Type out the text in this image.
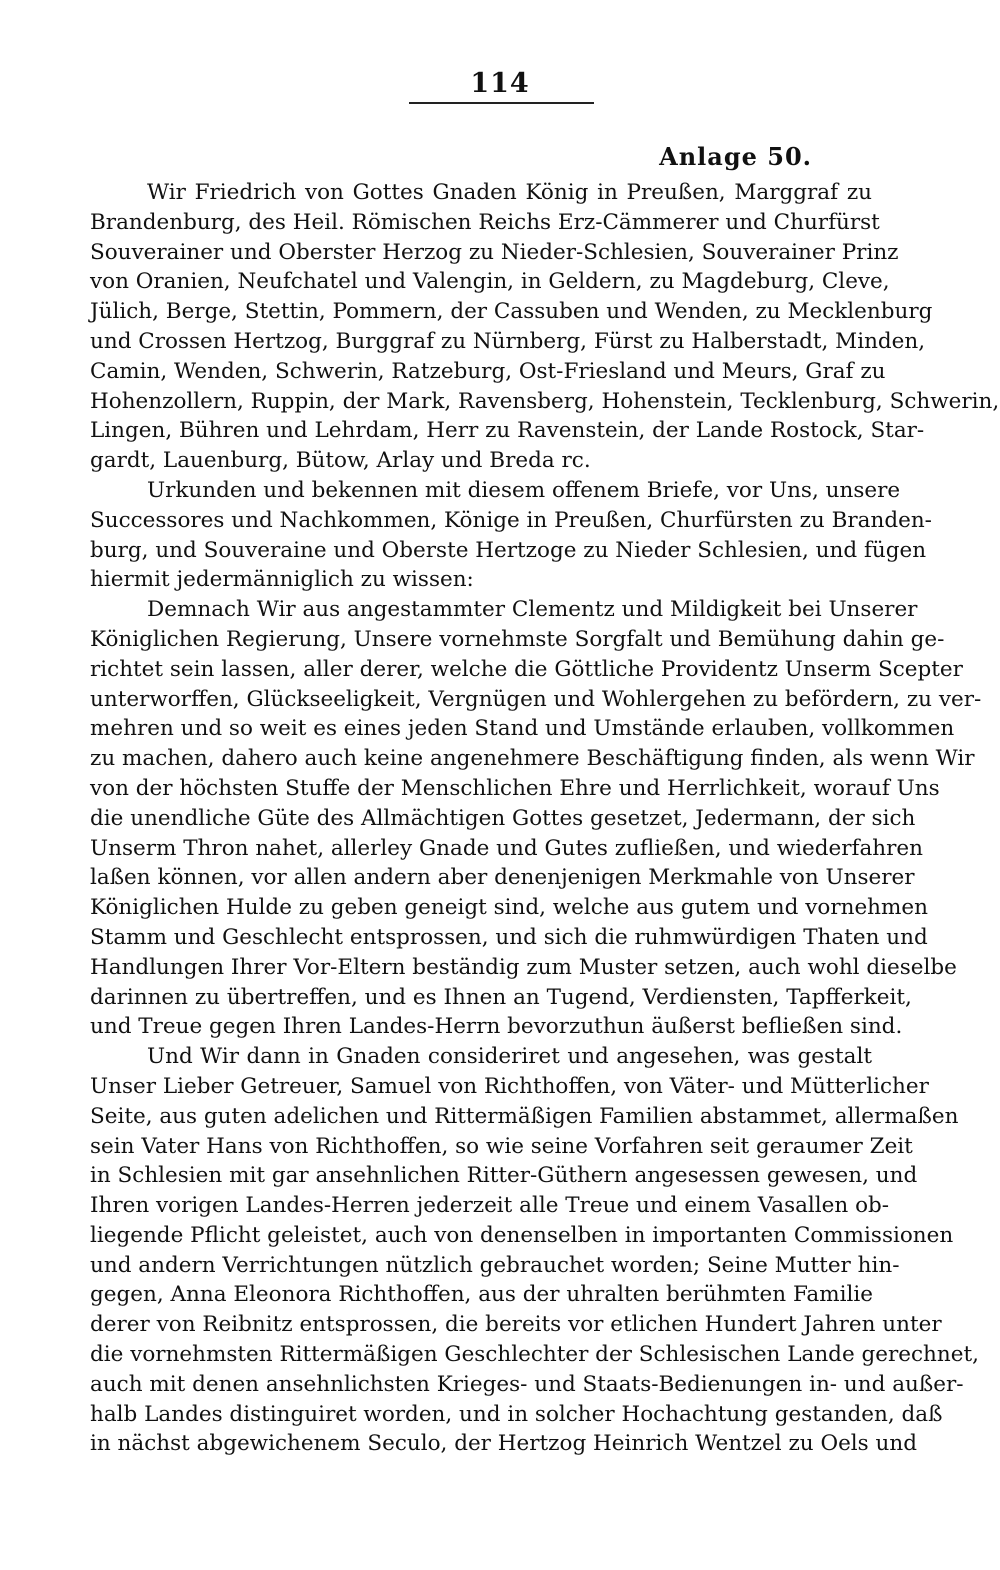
114
Anlage 50.
Wir Friedrich von Gottes Gnaden König in Preußen, Marggraf zu
Brandenburg, des Heil. Römischen Reichs Erz-Cämmerer und Churfürst
Souverainer und Oberster Herzog zu Nieder-Schlesien, Souverainer Prinz
von Oranien, Neufchatel und Valengin, in Geldern, zu Magdeburg, Cleve,
Jülich, Berge, Stettin, Pommern, der Cassuben und Wenden, zu Mecklenburg
und Crossen Hertzog, Burggraf zu Nürnberg, Fürst zu Halberstadt, Minden,
Camin, Wenden, Schwerin, Ratzeburg, Ost-Friesland und Meurs, Graf zu
Hohenzollern, Ruppin, der Mark, Ravensberg, Hohenstein, Tecklenburg, Schwerin,
Lingen, Bühren und Lehrdam, Herr zu Ravenstein, der Lande Rostock, Star-
gardt, Lauenburg, Bütow, Arlay und Breda rc.
Urkunden und bekennen mit diesem offenem Briefe, vor Uns, unsere
Successores und Nachkommen, Könige in Preußen, Churfürsten zu Branden-
burg, und Souveraine und Oberste Hertzoge zu Nieder Schlesien, und fügen
hiermit jedermänniglich zu wissen:
Demnach Wir aus angestammter Clementz und Mildigkeit bei Unserer
Königlichen Regierung, Unsere vornehmste Sorgfalt und Bemühung dahin ge-
richtet sein lassen, aller derer, welche die Göttliche Providentz Unserm Scepter
unterworffen, Glückseeligkeit, Vergnügen und Wohlergehen zu befördern, zu ver-
mehren und so weit es eines jeden Stand und Umstände erlauben, vollkommen
zu machen, dahero auch keine angenehmere Beschäftigung finden, als wenn Wir
von der höchsten Stuffe der Menschlichen Ehre und Herrlichkeit, worauf Uns
die unendliche Güte des Allmächtigen Gottes gesetzet, Jedermann, der sich
Unserm Thron nahet, allerley Gnade und Gutes zufließen, und wiederfahren
laßen können, vor allen andern aber denenjenigen Merkmahle von Unserer
Königlichen Hulde zu geben geneigt sind, welche aus gutem und vornehmen
Stamm und Geschlecht entsprossen, und sich die ruhmwürdigen Thaten und
Handlungen Ihrer Vor-Eltern beständig zum Muster setzen, auch wohl dieselbe
darinnen zu übertreffen, und es Ihnen an Tugend, Verdiensten, Tapfferkeit,
und Treue gegen Ihren Landes-Herrn bevorzuthun äußerst befließen sind.
Und Wir dann in Gnaden consideriret und angesehen, was gestalt
Unser Lieber Getreuer, Samuel von Richthoffen, von Väter- und Mütterlicher
Seite, aus guten adelichen und Rittermäßigen Familien abstammet, allermaßen
sein Vater Hans von Richthoffen, so wie seine Vorfahren seit geraumer Zeit
in Schlesien mit gar ansehnlichen Ritter-Güthern angesessen gewesen, und
Ihren vorigen Landes-Herren jederzeit alle Treue und einem Vasallen ob-
liegende Pflicht geleistet, auch von denenselben in importanten Commissionen
und andern Verrichtungen nützlich gebrauchet worden; Seine Mutter hin-
gegen, Anna Eleonora Richthoffen, aus der uhralten berühmten Familie
derer von Reibnitz entsprossen, die bereits vor etlichen Hundert Jahren unter
die vornehmsten Rittermäßigen Geschlechter der Schlesischen Lande gerechnet,
auch mit denen ansehnlichsten Krieges- und Staats-Bedienungen in- und außer-
halb Landes distinguiret worden, und in solcher Hochachtung gestanden, daß
in nächst abgewichenem Seculo, der Hertzog Heinrich Wentzel zu Oels und
